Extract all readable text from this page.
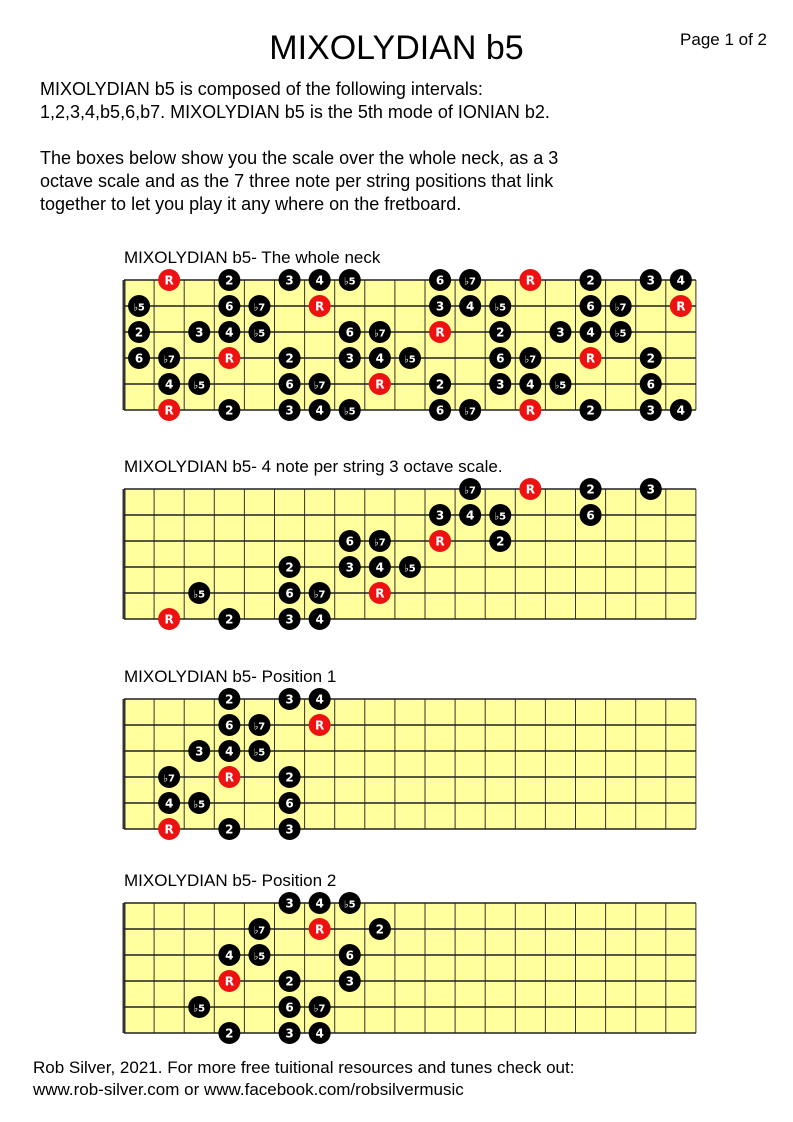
MIXOLYDIAN b5	Page 1 of 2

MIXOLYDIAN b5 is composed of the following intervals:
1,2,3,4,b5,6,b7. MIXOLYDIAN b5 is the 5th mode of IONIAN b2.

The boxes below show you the scale over the whole neck, as a 3
octave scale and as the 7 three note per string positions that link
together to let you play it any where on the fretboard.

MIXOLYDIAN b5- The whole neck
R	2	3 4 ♭5	6 ♭7	R	2	3 4
♭5	6 ♭7	R	3 4 ♭5	6 ♭7	R
2	3 4 ♭5	6 ♭7	R	2	3 4 ♭5
6 ♭7	R	2	3 4 ♭5	6 ♭7	R	2
4 ♭5	6 ♭7	R	2	3 4 ♭5	6
R	2	3 4 ♭5	6 ♭7	R	2	3 4
MIXOLYDIAN b5- 4 note per string 3 octave scale.
♭7	R	2	3
3 4 ♭5	6
6 ♭7	R	2
2	3 4 ♭5
♭5	6 ♭7	R
R	2	3 4
MIXOLYDIAN b5- Position 1
2	3 4
6 ♭7	R
3 4 ♭5
♭7	R	2
4 ♭5	6
R	2	3
MIXOLYDIAN b5- Position 2
3 4 ♭5
♭7	R	2
4 ♭5	6
R	2	3
♭5	6 ♭7
2	3 4
Rob Silver, 2021. For more free tuitional resources and tunes check out:
www.rob-silver.com or www.facebook.com/robsilvermusic
